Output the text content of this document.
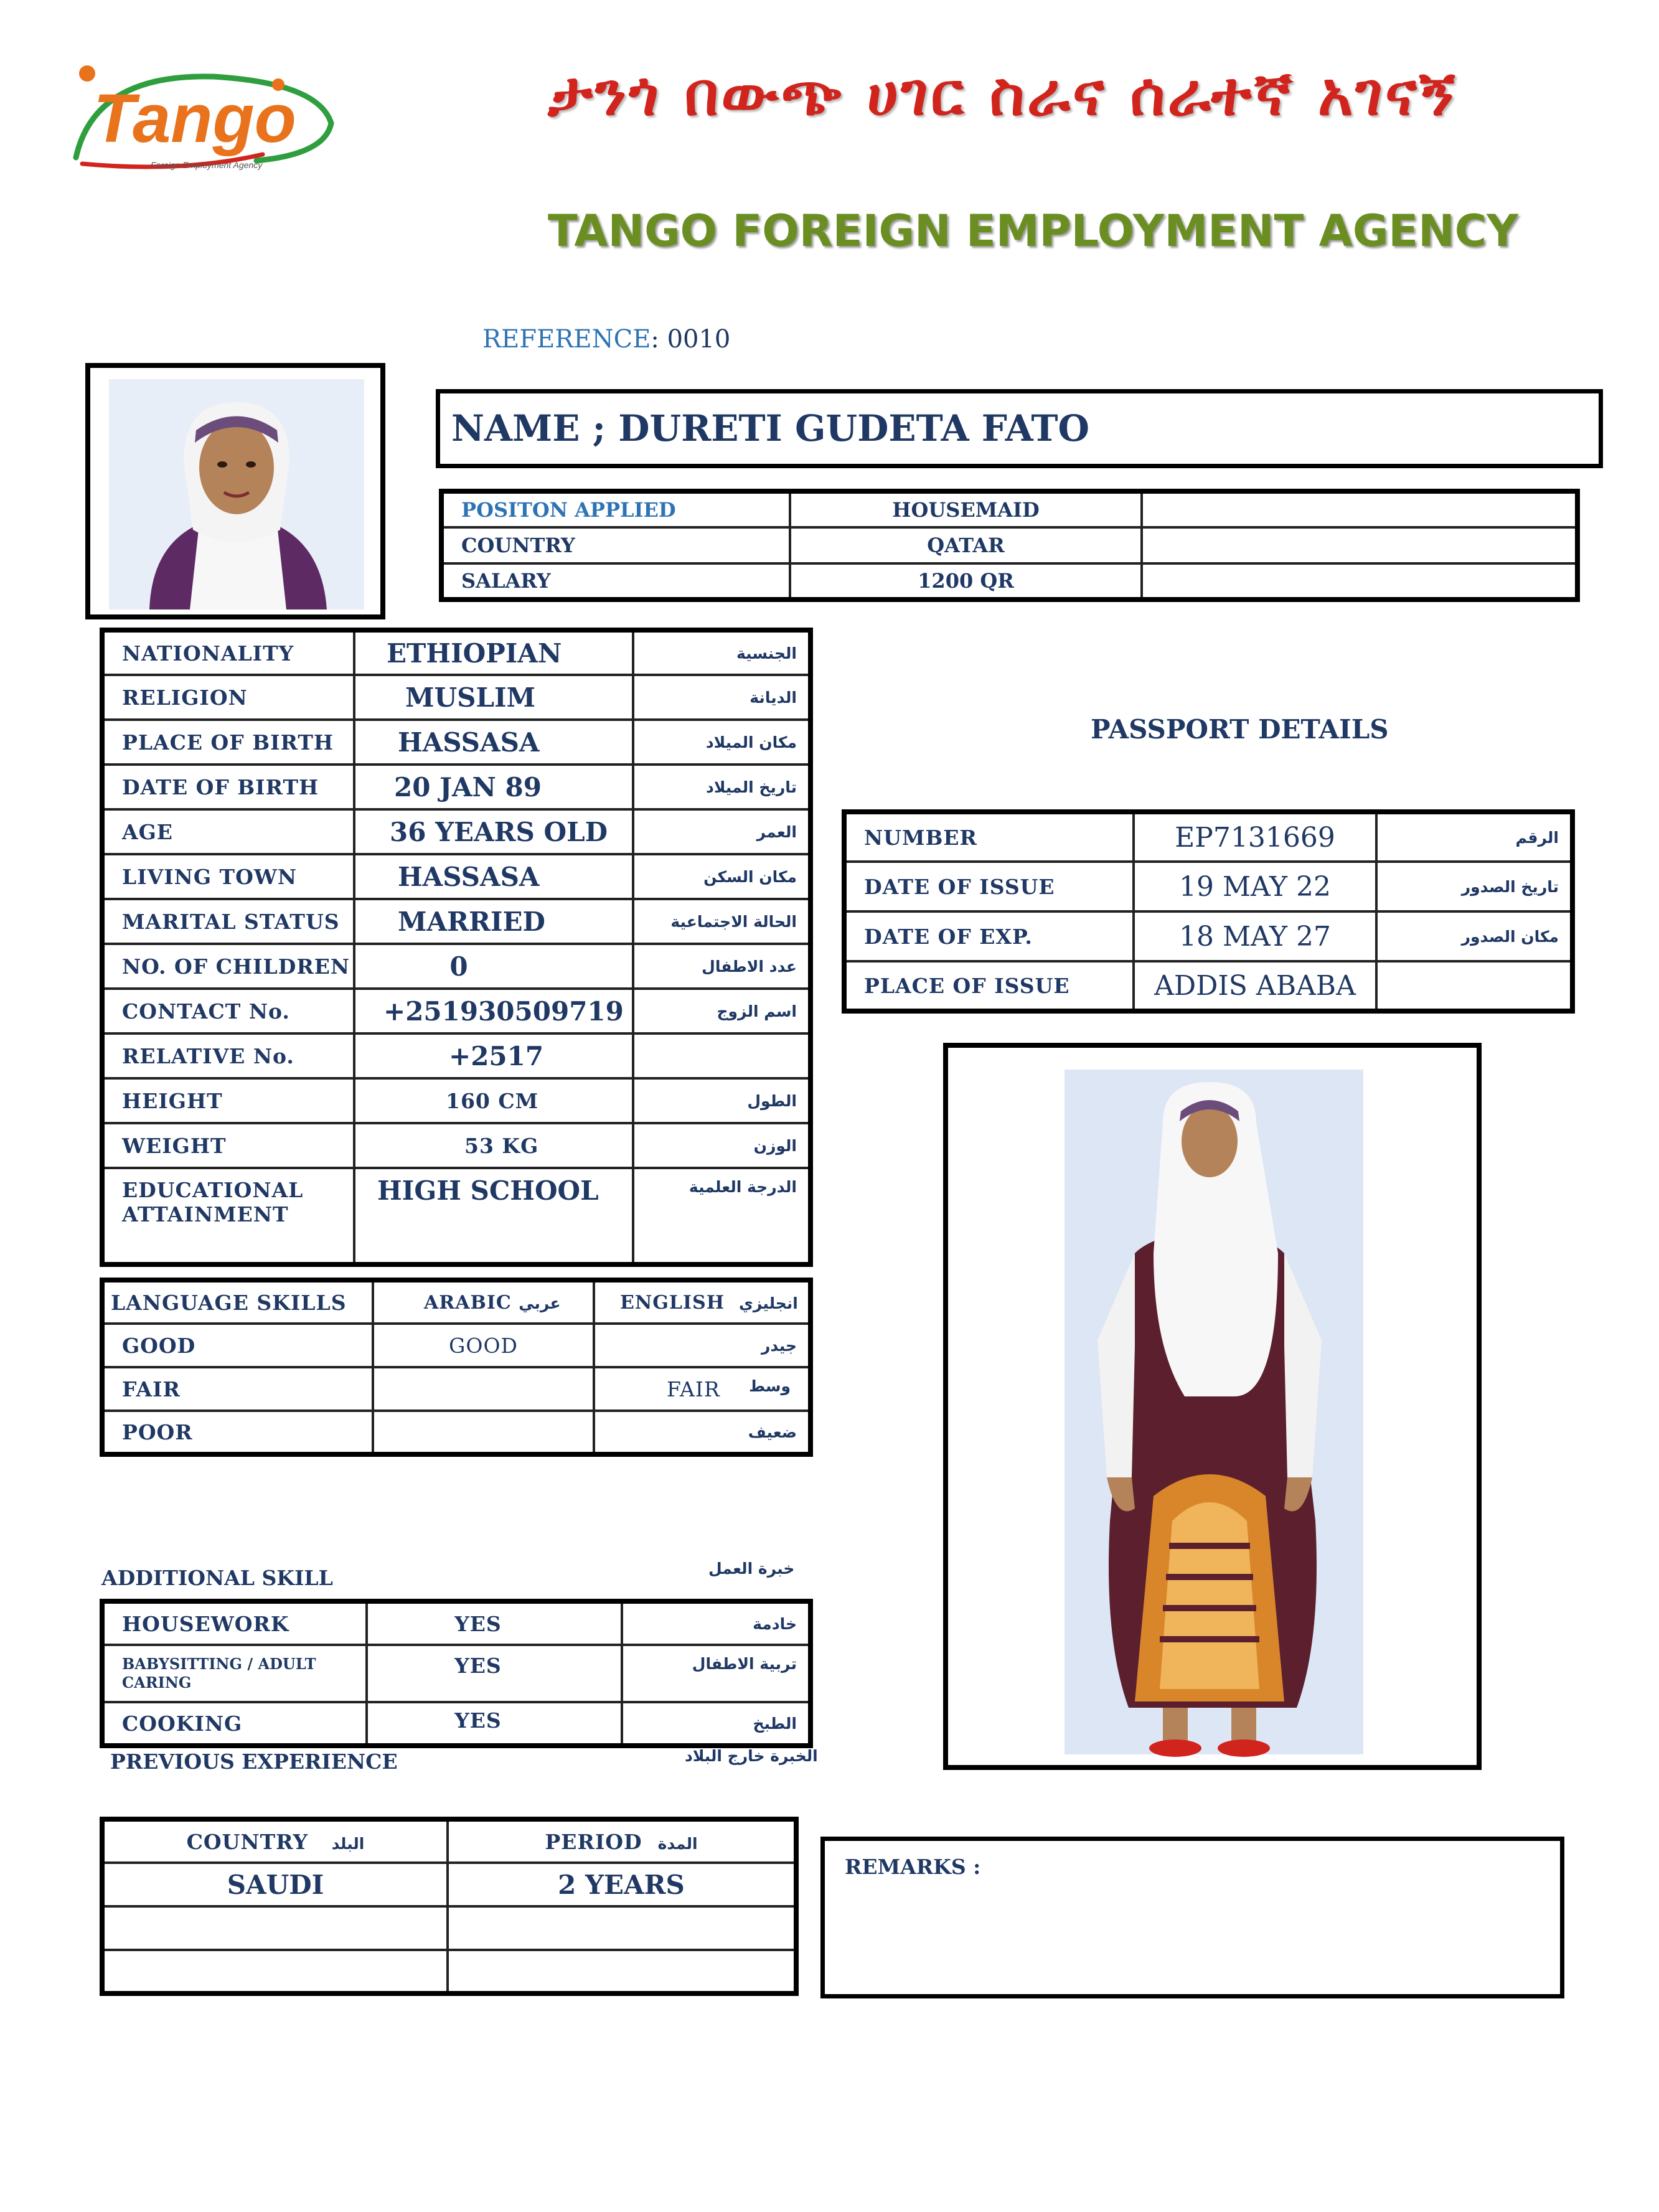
Tango
Foreign Employment Agency
ታንጎ በውጭ ሀገር ስራና ሰራተኛ አገናኝ
TANGO FOREIGN EMPLOYMENT AGENCY
REFERENCE: 0010
NAME ; DURETI GUDETA FATO
POSITON APPLIED	HOUSEMAID	
COUNTRY	QATAR	
SALARY	1200 QR	
NATIONALITY	ETHIOPIAN	الجنسية
RELIGION	MUSLIM	الديانة
PLACE OF BIRTH	HASSASA	مكان الميلاد
DATE OF BIRTH	20 JAN 89	تاريخ الميلاد
AGE	36 YEARS OLD	العمر
LIVING TOWN	HASSASA	مكان السكن
MARITAL STATUS	MARRIED	الحالة الاجتماعية
NO. OF CHILDREN	0	عدد الاطفال
CONTACT No.	+251930509719	اسم الزوج
RELATIVE No.	+2517	
HEIGHT	160 CM	الطول
WEIGHT	53 KG	الوزن
EDUCATIONAL ATTAINMENT	HIGH SCHOOL	الدرجة العلمية
LANGUAGE SKILLS	ARABIC عربي	ENGLISH انجليزي
GOOD	GOOD	جيدر
FAIR		FAIR وسط

POOR		ضعيف
ADDITIONAL SKILL	خبرة العمل
HOUSEWORK	YES	خادمة
BABYSITTING / ADULT CARING	YES	تربية الاطفال
COOKING	YES	الطبخ
PREVIOUS EXPERIENCE	الخبرة خارج البلاد
COUNTRY البلد	PERIOD المدة
SAUDI	2 YEARS

PASSPORT DETAILS
NUMBER	EP7131669	الرقم
DATE OF ISSUE	19 MAY 22	تاريخ الصدور
DATE OF EXP.	18 MAY 27	مكان الصدور
PLACE OF ISSUE	ADDIS ABABA	
REMARKS :
